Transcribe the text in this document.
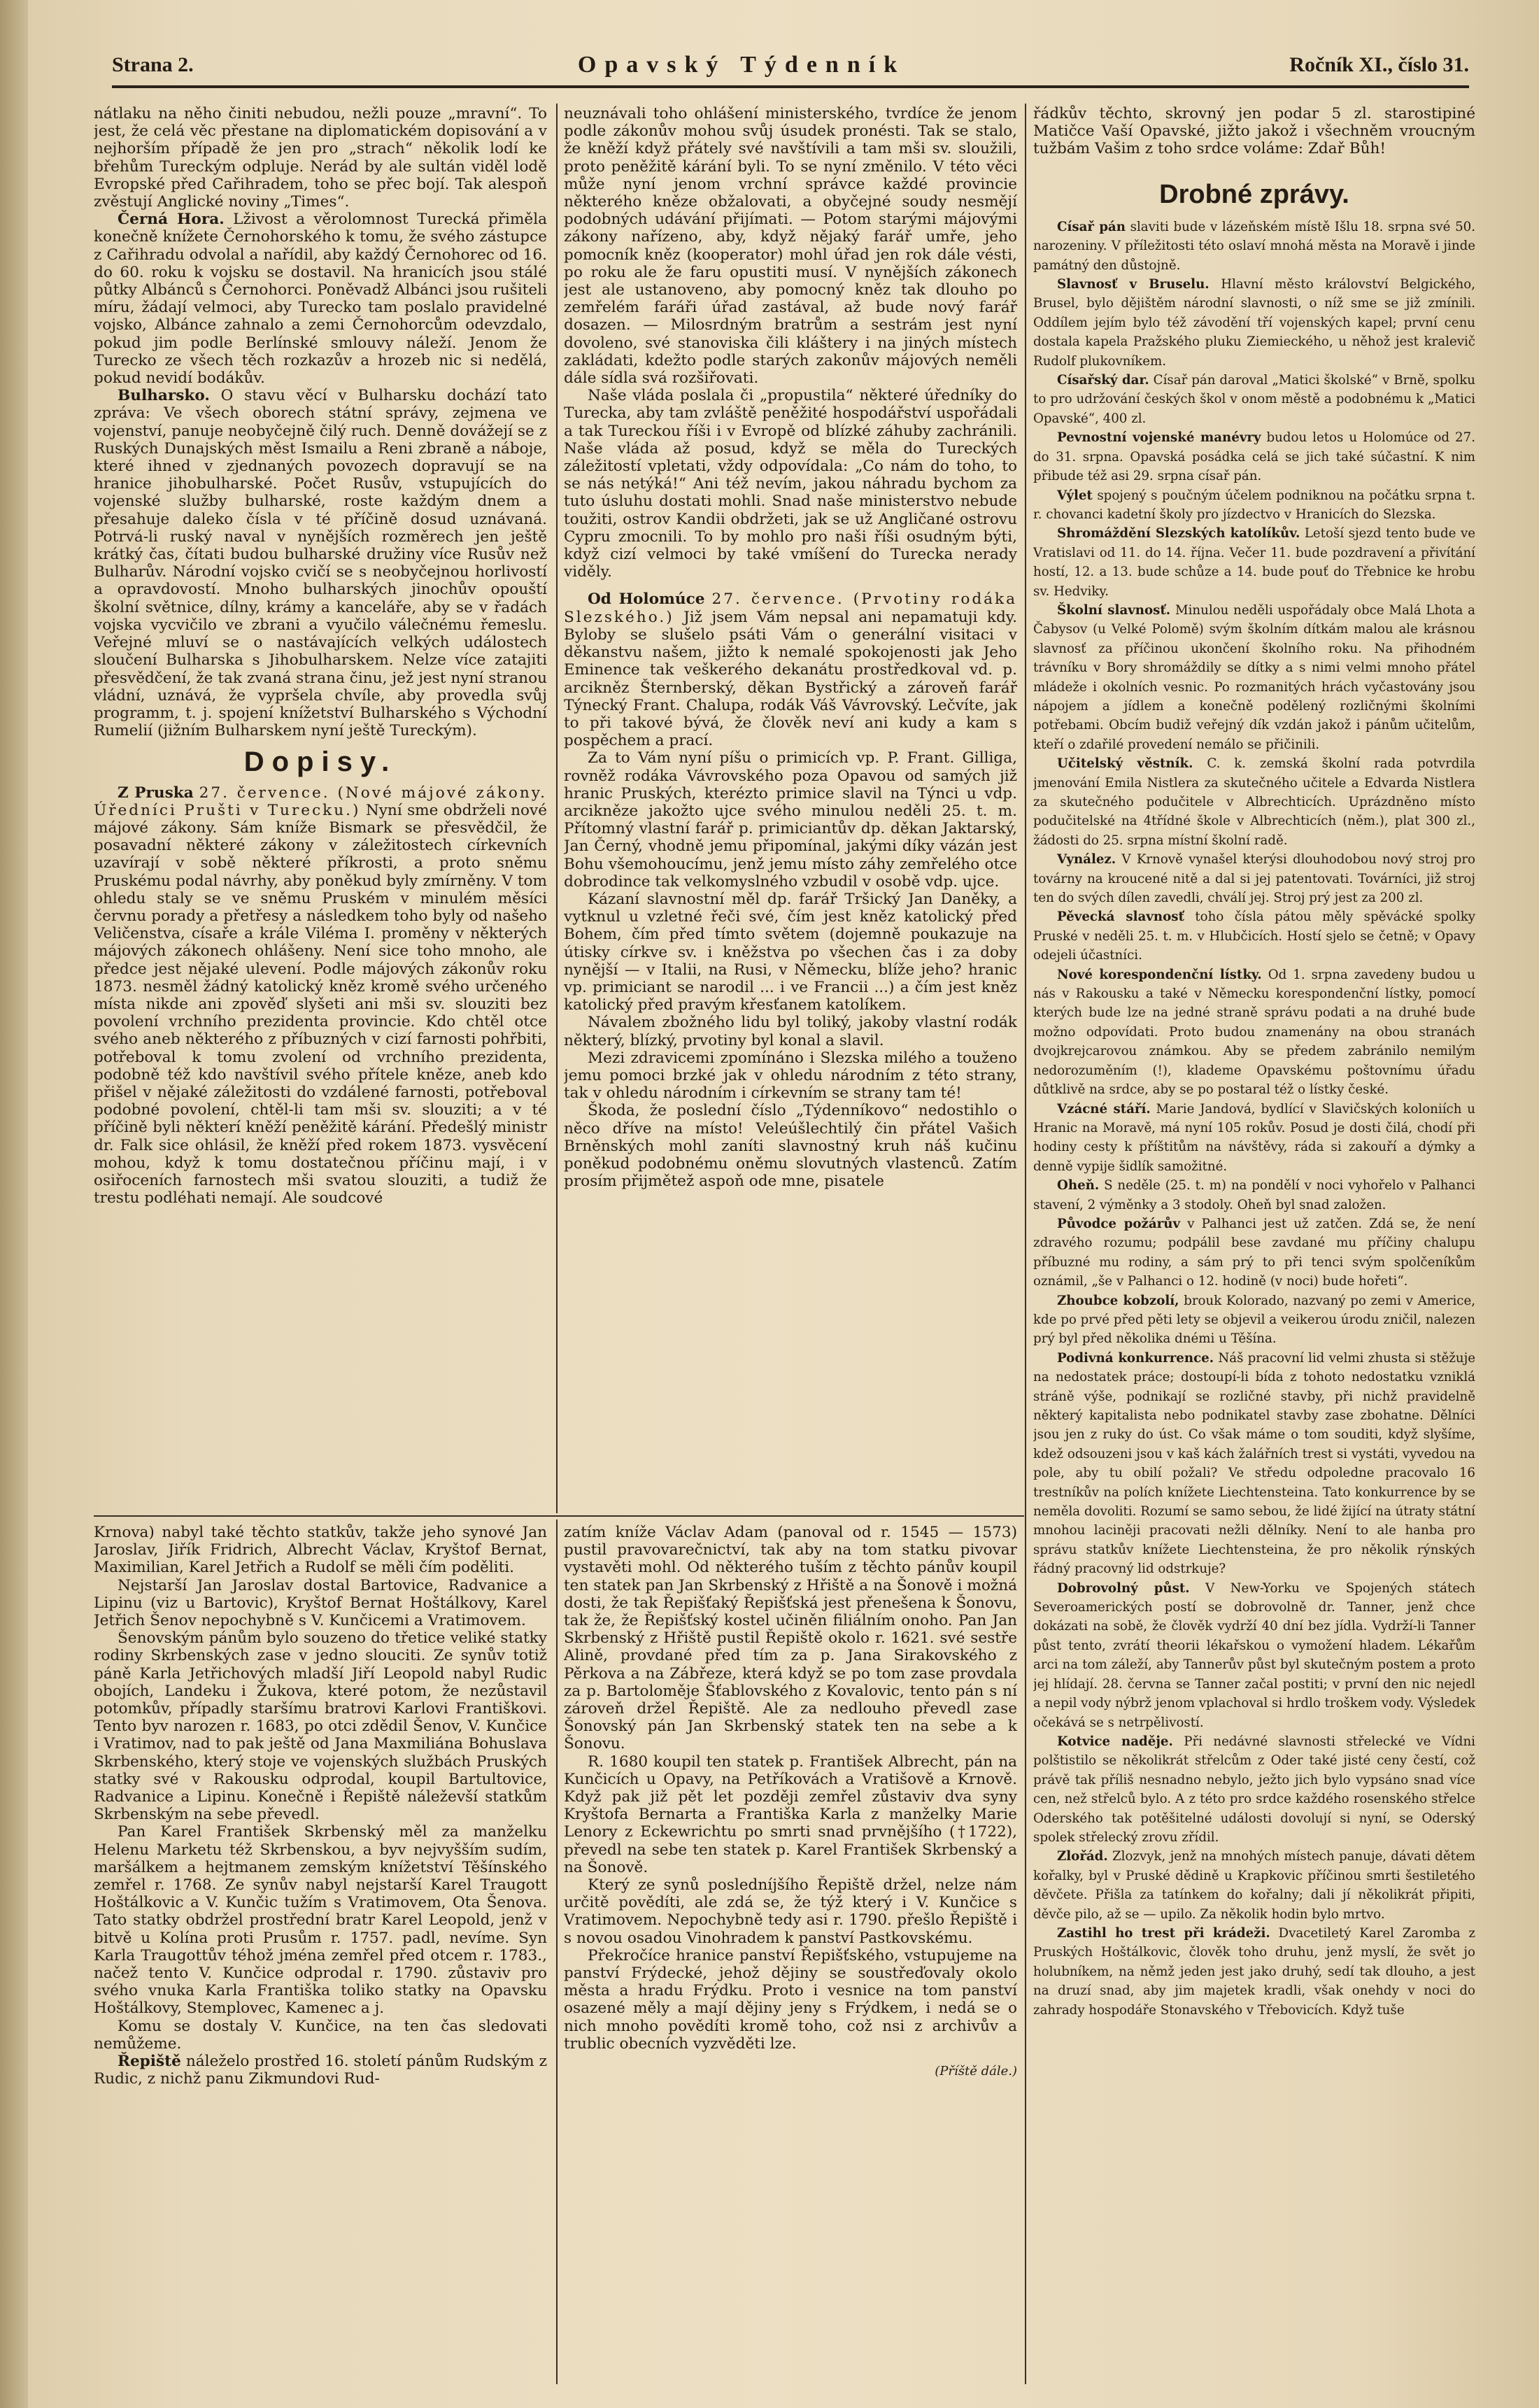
Strana 2.	Opavský Týdenník	Ročník XI., číslo 31.

nátlaku na něho činiti nebudou, nežli pouze „mravní“. To jest, že celá věc přestane na diplomatickém dopisování a v nejhorším případě že jen pro „strach“ několik lodí ke břehům Tureckým odpluje. Nerád by ale sultán viděl lodě Evropské před Cařihradem, toho se přec bojí. Tak alespoň zvěstují Anglické noviny „Times“.

Černá Hora. Lživost a věrolomnost Turecká přiměla konečně knížete Černohorského k tomu, že svého zástupce z Cařihradu odvolal a nařídil, aby každý Černohorec od 16. do 60. roku k vojsku se dostavil. Na hranicích jsou stálé půtky Albánců s Černohorci. Poněvadž Albánci jsou rušiteli míru, žádají velmoci, aby Turecko tam poslalo pravidelné vojsko, Albánce zahnalo a zemi Černohorcům odevzdalo, pokud jim podle Berlínské smlouvy náleží. Jenom že Turecko ze všech těch rozkazův a hrozeb nic si nedělá, pokud nevidí bodákův.

Bulharsko. O stavu věcí v Bulharsku dochází tato zpráva: Ve všech oborech státní správy, zejmena ve vojenství, panuje neobyčejně čilý ruch. Denně dovážejí se z Ruských Dunajských měst Ismailu a Reni zbraně a náboje, které ihned v zjednaných povozech dopravují se na hranice jihobulharské. Počet Rusův, vstupujících do vojenské služby bulharské, roste každým dnem a přesahuje daleko čísla v té příčině dosud uznávaná. Potrvá-li ruský naval v nynějších rozměrech jen ještě krátký čas, čítati budou bulharské družiny více Rusův než Bulharův. Národní vojsko cvičí se s neobyčejnou horlivostí a opravdovostí. Mnoho bulharských jinochův opouští školní světnice, dílny, krámy a kanceláře, aby se v řadách vojska vycvičilo ve zbrani a vyučilo válečnému řemeslu. Veřejné mluví se o nastávajících velkých událostech sloučení Bulharska s Jihobulharskem. Nelze více zatajiti přesvědčení, že tak zvaná strana činu, jež jest nyní stranou vládní, uznává, že vypršela chvíle, aby provedla svůj programm, t. j. spojení knížetství Bulharského s Východní Rumelií (jižním Bulharskem nyní ještě Tureckým).

Dopisy.

Z Pruska 27. července. (Nové májové zákony. Úředníci Prušti v Turecku.) Nyní sme obdrželi nové májové zákony. Sám kníže Bismark se přesvědčil, že posavadní některé zákony v záležitostech církevních uzavírají v sobě některé příkrosti, a proto sněmu Pruskému podal návrhy, aby poněkud byly zmírněny. V tom ohledu staly se ve sněmu Pruském v minulém měsíci červnu porady a přetřesy a následkem toho byly od našeho Veličenstva, císaře a krále Viléma I. proměny v některých májových zákonech ohlášeny. Není sice toho mnoho, ale předce jest nějaké ulevení. Podle májových zákonův roku 1873. nesměl žádný katolický kněz kromě svého určeného místa nikde ani zpověď slyšeti ani mši sv. slouziti bez povolení vrchního prezidenta provincie. Kdo chtěl otce svého aneb některého z příbuzných v cizí farnosti pohřbiti, potřeboval k tomu zvolení od vrchního prezidenta, podobně též kdo navštívil svého přítele kněze, aneb kdo přišel v nějaké záležitosti do vzdálené farnosti, potřeboval podobné povolení, chtěl-li tam mši sv. slouziti; a v té příčině byli některí kněží peněžitě kárání. Předešlý ministr dr. Falk sice ohlásil, že kněží před rokem 1873. vysvěcení mohou, když k tomu dostatečnou příčinu mají, i v osiřoceních farnostech mši svatou slouziti, a tudiž že trestu podléhati nemají. Ale soudcové

neuznávali toho ohlášení ministerského, tvrdíce že jenom podle zákonův mohou svůj úsudek pronésti. Tak se stalo, že kněží když přátely své navštívili a tam mši sv. sloužili, proto peněžitě kárání byli. To se nyní změnilo. V této věci může nyní jenom vrchní správce každé provincie některého kněze obžalovati, a obyčejné soudy nesmějí podobných udávání přijímati. — Potom starými májovými zákony nařízeno, aby, když nějaký farář umře, jeho pomocník kněz (kooperator) mohl úřad jen rok dále vésti, po roku ale že faru opustiti musí. V nynějších zákonech jest ale ustanoveno, aby pomocný kněz tak dlouho po zemřelém faráři úřad zastával, až bude nový farář dosazen. — Milosrdným bratrům a sestrám jest nyní dovoleno, své stanoviska čili kláštery i na jiných místech zakládati, kdežto podle starých zakonův májových neměli dále sídla svá rozšiřovati.

Naše vláda poslala či „propustila“ některé úředníky do Turecka, aby tam zvláště peněžité hospodářství uspořádali a tak Tureckou říši i v Evropě od blízké záhuby zachránili. Naše vláda až posud, když se měla do Tureckých záležitostí vpletati, vždy odpovídala: „Co nám do toho, to se nás netýká!“ Ani též nevím, jakou náhradu bychom za tuto úsluhu dostati mohli. Snad naše ministerstvo nebude toužiti, ostrov Kandii obdržeti, jak se už Angličané ostrovu Cypru zmocnili. To by mohlo pro naši říši osudným býti, když cizí velmoci by také vmíšení do Turecka nerady viděly.

Od Holomúce 27. července. (Prvotiny rodáka Slezského.) Již jsem Vám nepsal ani nepamatuji kdy. Byloby se slušelo psáti Vám o generální visitaci v děkanstvu našem, jižto k nemalé spokojenosti jak Jeho Eminence tak veškerého dekanátu prostředkoval vd. p. arcikněz Šternberský, děkan Bystřický a zároveň farář Týnecký Frant. Chalupa, rodák Váš Vávrovský. Lečvíte, jak to při takové bývá, že člověk neví ani kudy a kam s pospěchem a prací.

Za to Vám nyní píšu o primicích vp. P. Frant. Gilliga, rovněž rodáka Vávrovského poza Opavou od samých již hranic Pruských, kterézto primice slavil na Týnci u vdp. arcikněze jakožto ujce svého minulou neděli 25. t. m. Přítomný vlastní farář p. primiciantův dp. děkan Jaktarský, Jan Černý, vhodně jemu připomínal, jakými díky vázán jest Bohu všemohoucímu, jenž jemu místo záhy zemřelého otce dobrodince tak velkomyslného vzbudil v osobě vdp. ujce.

Kázaní slavnostní měl dp. farář Tršický Jan Daněky, a vytknul u vzletné řeči své, čím jest kněz katolický před Bohem, čím před tímto světem (dojemně poukazuje na útisky církve sv. i kněžstva po všechen čas i za doby nynější — v Italii, na Rusi, v Německu, blíže jeho? hranic vp. primiciant se narodil ... i ve Francii ...) a čím jest kněz katolický před pravým křesťanem katolíkem.

Návalem zbožného lidu byl toliký, jakoby vlastní rodák některý, blízký, prvotiny byl konal a slavil.

Mezi zdravicemi zpomínáno i Slezska milého a touženo jemu pomoci brzké jak v ohledu národním z této strany, tak v ohledu národním i církevním se strany tam té!

Škoda, že poslední číslo „Týdenníkovo“ nedostihlo o něco dříve na místo! Veleúšlechtilý čin přátel Vašich Brněnských mohl zaníti slavnostný kruh náš kučinu poněkud podobnému oněmu slovutných vlastenců. Zatím prosím přijmětež aspoň ode mne, pisatele

Krnova) nabyl také těchto statkův, takže jeho synové Jan Jaroslav, Jiřík Fridrich, Albrecht Václav, Kryštof Bernat, Maximilian, Karel Jetřich a Rudolf se měli čím poděliti.

Nejstarší Jan Jaroslav dostal Bartovice, Radvanice a Lipinu (viz u Bartovic), Kryštof Bernat Hoštálkovy, Karel Jetřich Šenov nepochybně s V. Kunčicemi a Vratimovem.

Šenovským pánům bylo souzeno do třetice veliké statky rodiny Skrbenských zase v jedno slouciti. Ze synův totiž páně Karla Jetřichových mladší Jiří Leopold nabyl Rudic obojích, Landeku i Žukova, které potom, že nezůstavil potomkův, případly staršímu bratrovi Karlovi Františkovi. Tento byv narozen r. 1683, po otci zdědil Šenov, V. Kunčice i Vratimov, nad to pak ještě od Jana Maxmiliána Bohuslava Skrbenského, který stoje ve vojenských službách Pruských statky své v Rakousku odprodal, koupil Bartultovice, Radvanice a Lipinu. Konečně i Řepiště náleževší statkům Skrbenským na sebe převedl.

Pan Karel František Skrbenský měl za manželku Helenu Marketu též Skrbenskou, a byv nejvyšším sudím, maršálkem a hejtmanem zemským knížetství Těšínského zemřel r. 1768. Ze synův nabyl nejstarší Karel Traugott Hoštálkovic a V. Kunčic tužím s Vratimovem, Ota Šenova. Tato statky obdržel prostřední bratr Karel Leopold, jenž v bitvě u Kolína proti Prusům r. 1757. padl, nevíme. Syn Karla Traugottův téhož jména zemřel před otcem r. 1783., načež tento V. Kunčice odprodal r. 1790. zůstaviv pro svého vnuka Karla Františka toliko statky na Opavsku Hoštálkovy, Stemplovec, Kamenec a j.

Komu se dostaly V. Kunčice, na ten čas sledovati nemůžeme.

Řepiště náleželo prostřed 16. století pánům Rudským z Rudic, z nichž panu Zikmundovi Rud-

zatím kníže Václav Adam (panoval od r. 1545 — 1573) pustil pravovarečnictví, tak aby na tom statku pivovar vystavěti mohl. Od některého tuším z těchto pánův koupil ten statek pan Jan Skrbenský z Hřiště a na Šonově i možná dosti, že tak Řepišťaký Řepišťská jest přenešena k Šonovu, tak že, že Řepišťský kostel učiněn filiálním onoho. Pan Jan Skrbenský z Hřiště pustil Řepiště okolo r. 1621. své sestře Alině, provdané před tím za p. Jana Sirakovského z Pěrkova a na Zábřeze, která když se po tom zase provdala za p. Bartoloměje Šťablovského z Kovalovic, tento pán s ní zároveň držel Řepiště. Ale za nedlouho převedl zase Šonovský pán Jan Skrbenský statek ten na sebe a k Šonovu.

R. 1680 koupil ten statek p. František Albrecht, pán na Kunčicích u Opavy, na Petříkovách a Vratišově a Krnově. Když pak již pět let později zemřel zůstaviv dva syny Kryštofa Bernarta a Františka Karla z manželky Marie Lenory z Eckewrichtu po smrti snad prvnějšího (†1722), převedl na sebe ten statek p. Karel František Skrbenský a na Šonově.

Který ze synů posledníjšího Řepiště držel, nelze nám určitě povědíti, ale zdá se, že týž který i V. Kunčice s Vratimovem. Nepochybně tedy asi r. 1790. přešlo Řepiště i s novou osadou Vinohradem k panství Pastkovskému.

Překročíce hranice panství Řepišťského, vstupujeme na panství Frýdecké, jehož dějiny se soustřeďovaly okolo města a hradu Frýdku. Proto i vesnice na tom panství osazené měly a mají dějiny jeny s Frýdkem, i nedá se o nich mnoho povědíti kromě toho, což nsi z archivův a trublic obecních vyzvěděti lze.

(Příště dále.)

řádkův těchto, skrovný jen podar 5 zl. starostipiné Matičce Vaší Opavské, jižto jakož i všechněm vroucným tužbám Vašim z toho srdce voláme: Zdař Bůh!

Drobné zprávy.

Císař pán slaviti bude v lázeňském místě Išlu 18. srpna své 50. narozeniny. V příležitosti této oslaví mnohá města na Moravě i jinde památný den důstojně.

Slavnosť v Bruselu. Hlavní město království Belgického, Brusel, bylo dějištěm národní slavnosti, o níž sme se již zmínili. Oddílem jejím bylo též závodění tří vojenských kapel; první cenu dostala kapela Pražského pluku Ziemieckého, u něhož jest kralevič Rudolf plukovníkem.

Císařský dar. Císař pán daroval „Matici školské“ v Brně, spolku to pro udržování českých škol v onom městě a podobnému k „Matici Opavské“, 400 zl.

Pevnostní vojenské manévry budou letos u Holomúce od 27. do 31. srpna. Opavská posádka celá se jich také súčastní. K nim přibude též asi 29. srpna císař pán.

Výlet spojený s poučným účelem podniknou na počátku srpna t. r. chovanci kadetní školy pro jízdectvo v Hranicích do Slezska.

Shromáždění Slezských katolíkův. Letoší sjezd tento bude ve Vratislavi od 11. do 14. října. Večer 11. bude pozdravení a přivítání hostí, 12. a 13. bude schůze a 14. bude pouť do Třebnice ke hrobu sv. Hedviky.

Školní slavnosť. Minulou neděli uspořádaly obce Malá Lhota a Čabysov (u Velké Polomě) svým školním dítkám malou ale krásnou slavnosť za příčinou ukončení školního roku. Na přihodném trávníku v Bory shromáždily se dítky a s nimi velmi mnoho přátel mládeže i okolních vesnic. Po rozmanitých hrách vyčastovány jsou nápojem a jídlem a konečně podělený rozličnými školními potřebami. Obcím budiž veřejný dík vzdán jakož i pánům učitelům, kteří o zdařilé provedení nemálo se přičinili.

Učitelský věstník. C. k. zemská školní rada potvrdila jmenování Emila Nistlera za skutečného učitele a Edvarda Nistlera za skutečného podučitele v Albrechticích. Uprázdněno místo podučitelské na 4třídné škole v Albrechticích (něm.), plat 300 zl., žádosti do 25. srpna místní školní radě.

Vynález. V Krnově vynašel kterýsi dlouhodobou nový stroj pro továrny na kroucené nitě a dal si jej patentovati. Továrníci, již stroj ten do svých dílen zavedli, chválí jej. Stroj prý jest za 200 zl.

Pěvecká slavnosť toho čísla pátou měly spěvácké spolky Pruské v neděli 25. t. m. v Hlubčicích. Hostí sjelo se četně; v Opavy odejeli účastníci.

Nové korespondenční lístky. Od 1. srpna zavedeny budou u nás v Rakousku a také v Německu korespondenční lístky, pomocí kterých bude lze na jedné straně správu podati a na druhé bude možno odpovídati. Proto budou znamenány na obou stranách dvojkrejcarovou známkou. Aby se předem zabránilo nemilým nedorozuměním (!), klademe Opavskému poštovnímu úřadu důtklivě na srdce, aby se po postaral též o lístky české.

Vzácné stáří. Marie Jandová, bydlící v Slavičských koloniích u Hranic na Moravě, má nyní 105 rokův. Posud je dosti čilá, chodí při hodiny cesty k příštitům na návštěvy, ráda si zakouří a dýmky a denně vypije šidlík samožitné.

Oheň. S neděle (25. t. m) na pondělí v noci vyhořelo v Palhanci stavení, 2 výměnky a 3 stodoly. Oheň byl snad založen.

Původce požárův v Palhanci jest už zatčen. Zdá se, že není zdravého rozumu; podpálil bese zavdané mu příčiny chalupu příbuzné mu rodiny, a sám prý to při tenci svým spolčeníkům oznámil, „še v Palhanci o 12. hodině (v noci) bude hořeti“.

Zhoubce kobzolí, brouk Kolorado, nazvaný po zemi v Americe, kde po prvé před pěti lety se objevil a veikerou úrodu zničil, nalezen prý byl před několika dnémi u Těšína.

Podivná konkurrence. Náš pracovní lid velmi zhusta si stěžuje na nedostatek práce; dostoupí-li bída z tohoto nedostatku vzniklá stráně výše, podnikají se rozličné stavby, při nichž pravidelně některý kapitalista nebo podnikatel stavby zase zbohatne. Dělníci jsou jen z ruky do úst. Co však máme o tom souditi, když slyšíme, kdež odsouzeni jsou v kaš kách žalářních trest si vystáti, vyvedou na pole, aby tu obilí požali? Ve středu odpoledne pracovalo 16 trestníkův na polích knížete Liechtensteina. Tato konkurrence by se neměla dovoliti. Rozumí se samo sebou, že lidé žijící na útraty státní mnohou laciněji pracovati nežli dělníky. Není to ale hanba pro správu statkův knížete Liechtensteina, že pro několik rýnských řádný pracovný lid odstrkuje?

Dobrovolný půst. V New-Yorku ve Spojených státech Severoamerických postí se dobrovolně dr. Tanner, jenž chce dokázati na sobě, že člověk vydrží 40 dní bez jídla. Vydrží-li Tanner půst tento, zvrátí theorii lékařskou o vymožení hladem. Lékařům arci na tom záleží, aby Tannerův půst byl skutečným postem a proto jej hlídají. 28. června se Tanner začal postiti; v první den nic nejedl a nepil vody nýbrž jenom vplachoval si hrdlo troškem vody. Výsledek očekává se s netrpělivostí.

Kotvice naděje. Při nedávné slavnosti střelecké ve Vídni polštistilo se několikrát střelcům z Oder také jisté ceny čestí, což právě tak příliš nesnadno nebylo, ježto jich bylo vypsáno snad více cen, než střelců bylo. A z této pro srdce každého rosenského střelce Oderského tak potěšitelné události dovolují si nyní, se Oderský spolek střelecký zrovu zřídil.

Zlořád. Zlozvyk, jenž na mnohých místech panuje, dávati dětem kořalky, byl v Pruské dědině u Krapkovic příčinou smrti šestiletého děvčete. Přišla za tatínkem do kořalny; dali jí několikrát připiti, děvče pilo, až se — upilo. Za několik hodin bylo mrtvo.

Zastihl ho trest při krádeži. Dvacetiletý Karel Zaromba z Pruských Hoštálkovic, člověk toho druhu, jenž myslí, že svět jo holubníkem, na němž jeden jest jako druhý, sedí tak dlouho, a jest na druzí snad, aby jim majetek kradli, však onehdy v noci do zahrady hospodáře Stonavského v Třebovicích. Když tuše
